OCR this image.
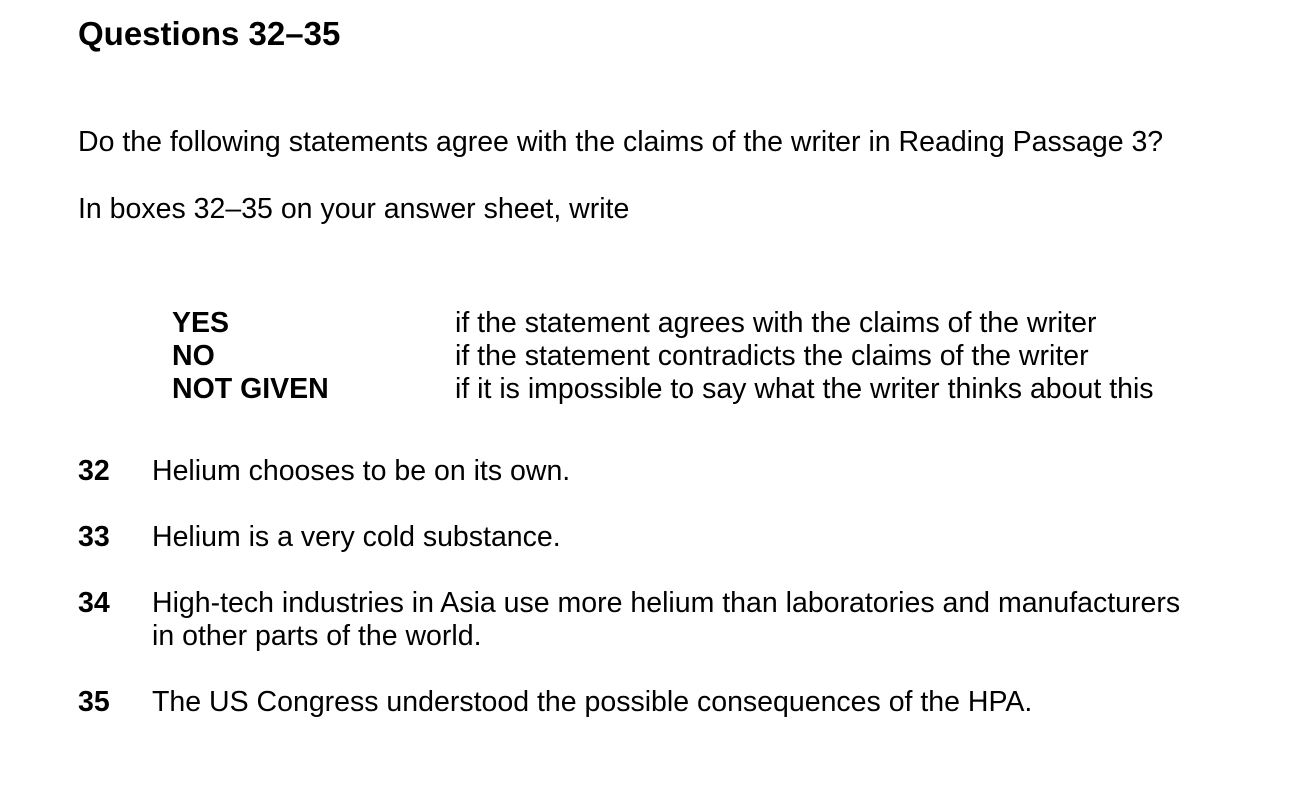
Questions 32–35

Do the following statements agree with the claims of the writer in Reading Passage 3?

In boxes 32–35 on your answer sheet, write

YES	if the statement agrees with the claims of the writer
NO	if the statement contradicts the claims of the writer
NOT GIVEN	if it is impossible to say what the writer thinks about this
32	Helium chooses to be on its own.
33	Helium is a very cold substance.
34	High-tech industries in Asia use more helium than laboratories and manufacturers in other parts of the world.
35	The US Congress understood the possible consequences of the HPA.
